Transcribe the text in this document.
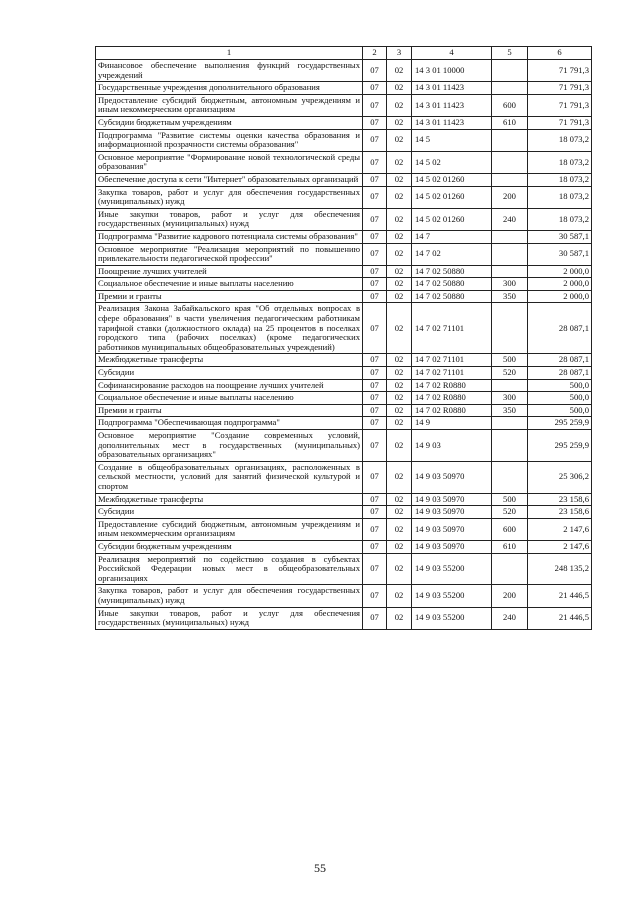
1	2	3	4	5	6
Финансовое обеспечение выполнения функций государственных учреждений	07	02	14 3 01 10000		71 791,3
Государственные учреждения дополнительного образования	07	02	14 3 01 11423		71 791,3
Предоставление субсидий бюджетным, автономным учреждениям и иным некоммерческим организациям	07	02	14 3 01 11423	600	71 791,3
Субсидии бюджетным учреждениям	07	02	14 3 01 11423	610	71 791,3
Подпрограмма "Развитие системы оценки качества образования и информационной прозрачности системы образования"	07	02	14 5		18 073,2
Основное мероприятие "Формирование новой технологической среды образования"	07	02	14 5 02		18 073,2
Обеспечение доступа к сети "Интернет" образовательных организаций	07	02	14 5 02 01260		18 073,2
Закупка товаров, работ и услуг для обеспечения государственных (муниципальных) нужд	07	02	14 5 02 01260	200	18 073,2
Иные закупки товаров, работ и услуг для обеспечения государственных (муниципальных) нужд	07	02	14 5 02 01260	240	18 073,2
Подпрограмма "Развитие кадрового потенциала системы образования"	07	02	14 7		30 587,1
Основное мероприятие "Реализация мероприятий по повышению привлекательности педагогической профессии"	07	02	14 7 02		30 587,1
Поощрение лучших учителей	07	02	14 7 02 50880		2 000,0
Социальное обеспечение и иные выплаты населению	07	02	14 7 02 50880	300	2 000,0
Премии и гранты	07	02	14 7 02 50880	350	2 000,0
Реализация Закона Забайкальского края "Об отдельных вопросах в сфере образования" в части увеличения педагогическим работникам тарифной ставки (должностного оклада) на 25 процентов в поселках городского типа (рабочих поселках) (кроме педагогических работников муниципальных общеобразовательных учреждений)	07	02	14 7 02 71101		28 087,1
Межбюджетные трансферты	07	02	14 7 02 71101	500	28 087,1
Субсидии	07	02	14 7 02 71101	520	28 087,1
Софинансирование расходов на поощрение лучших учителей	07	02	14 7 02 R0880		500,0
Социальное обеспечение и иные выплаты населению	07	02	14 7 02 R0880	300	500,0
Премии и гранты	07	02	14 7 02 R0880	350	500,0
Подпрограмма "Обеспечивающая подпрограмма"	07	02	14 9		295 259,9
Основное мероприятие "Создание современных условий, дополнительных мест в государственных (муниципальных) образовательных организациях"	07	02	14 9 03		295 259,9
Создание в общеобразовательных организациях, расположенных в сельской местности, условий для занятий физической культурой и спортом	07	02	14 9 03 50970		25 306,2
Межбюджетные трансферты	07	02	14 9 03 50970	500	23 158,6
Субсидии	07	02	14 9 03 50970	520	23 158,6
Предоставление субсидий бюджетным, автономным учреждениям и иным некоммерческим организациям	07	02	14 9 03 50970	600	2 147,6
Субсидии бюджетным учреждениям	07	02	14 9 03 50970	610	2 147,6
Реализация мероприятий по содействию создания в субъектах Российской Федерации новых мест в общеобразовательных организациях	07	02	14 9 03 55200		248 135,2
Закупка товаров, работ и услуг для обеспечения государственных (муниципальных) нужд	07	02	14 9 03 55200	200	21 446,5
Иные закупки товаров, работ и услуг для обеспечения государственных (муниципальных) нужд	07	02	14 9 03 55200	240	21 446,5
55
